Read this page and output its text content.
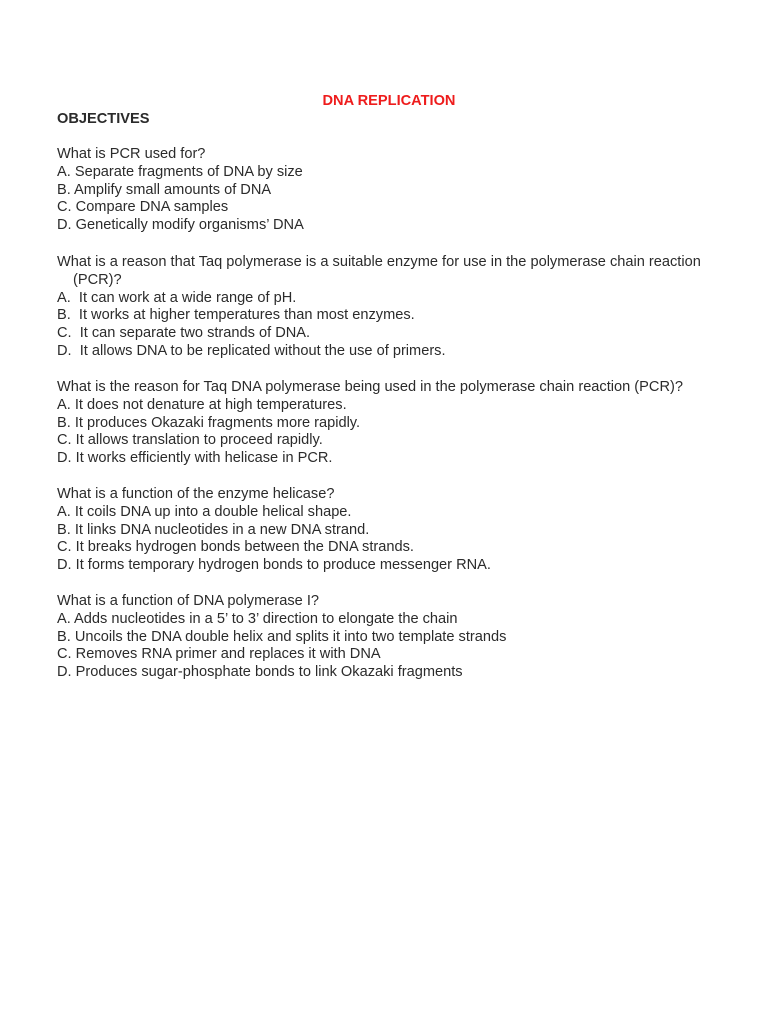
DNA REPLICATION
OBJECTIVES
What is PCR used for?
A. Separate fragments of DNA by size
B. Amplify small amounts of DNA
C. Compare DNA samples
D. Genetically modify organisms’ DNA
What is a reason that Taq polymerase is a suitable enzyme for use in the polymerase chain reaction
(PCR)?
A.  It can work at a wide range of pH.
B.  It works at higher temperatures than most enzymes.
C.  It can separate two strands of DNA.
D.  It allows DNA to be replicated without the use of primers.
What is the reason for Taq DNA polymerase being used in the polymerase chain reaction (PCR)?
A. It does not denature at high temperatures.
B. It produces Okazaki fragments more rapidly.
C. It allows translation to proceed rapidly.
D. It works efficiently with helicase in PCR.
What is a function of the enzyme helicase?
A. It coils DNA up into a double helical shape.
B. It links DNA nucleotides in a new DNA strand.
C. It breaks hydrogen bonds between the DNA strands.
D. It forms temporary hydrogen bonds to produce messenger RNA.
What is a function of DNA polymerase I?
A. Adds nucleotides in a 5’ to 3’ direction to elongate the chain
B. Uncoils the DNA double helix and splits it into two template strands
C. Removes RNA primer and replaces it with DNA
D. Produces sugar-phosphate bonds to link Okazaki fragments
